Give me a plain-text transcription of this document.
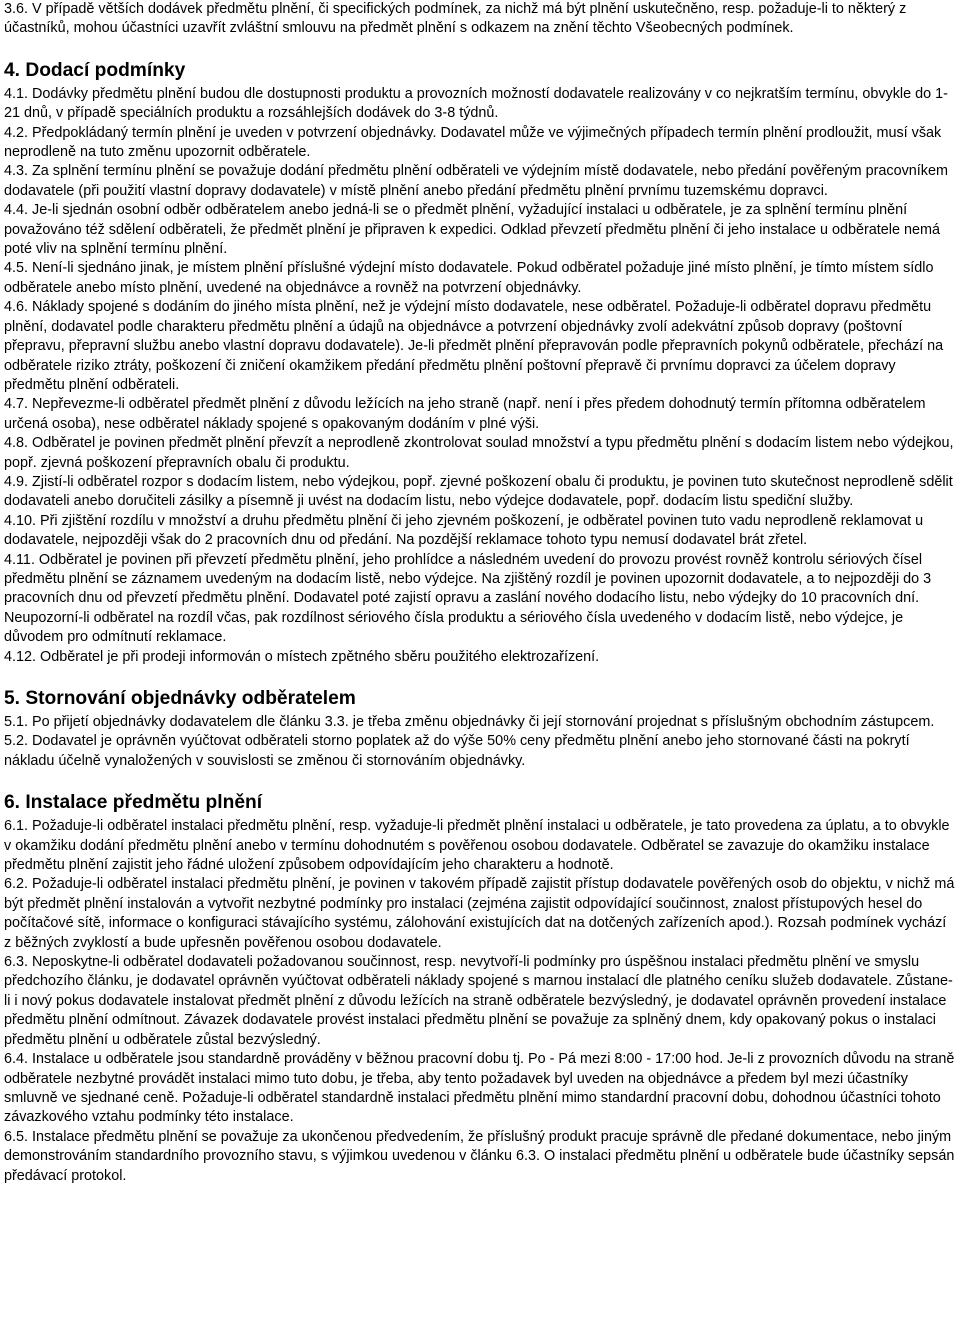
3.6. V případě větších dodávek předmětu plnění, či specifických podmínek, za nichž má být plnění uskutečněno, resp. požaduje-li to některý z účastníků, mohou účastníci uzavřít zvláštní smlouvu na předmět plnění s odkazem na znění těchto Všeobecných podmínek.

4. Dodací podmínky

4.1. Dodávky předmětu plnění budou dle dostupnosti produktu a provozních možností dodavatele realizovány v co nejkratším termínu, obvykle do 1-21 dnů, v případě speciálních produktu a rozsáhlejších dodávek do 3-8 týdnů.

4.2. Předpokládaný termín plnění je uveden v potvrzení objednávky. Dodavatel může ve výjimečných případech termín plnění prodloužit, musí však neprodleně na tuto změnu upozornit odběratele.

4.3. Za splnění termínu plnění se považuje dodání předmětu plnění odběrateli ve výdejním místě dodavatele, nebo předání pověřeným pracovníkem dodavatele (při použití vlastní dopravy dodavatele) v místě plnění anebo předání předmětu plnění prvnímu tuzemskému dopravci.

4.4. Je-li sjednán osobní odběr odběratelem anebo jedná-li se o předmět plnění, vyžadující instalaci u odběratele, je za splnění termínu plnění považováno též sdělení odběrateli, že předmět plnění je připraven k expedici. Odklad převzetí předmětu plnění či jeho instalace u odběratele nemá poté vliv na splnění termínu plnění.

4.5. Není-li sjednáno jinak, je místem plnění příslušné výdejní místo dodavatele. Pokud odběratel požaduje jiné místo plnění, je tímto místem sídlo odběratele anebo místo plnění, uvedené na objednávce a rovněž na potvrzení objednávky.

4.6. Náklady spojené s dodáním do jiného místa plnění, než je výdejní místo dodavatele, nese odběratel. Požaduje-li odběratel dopravu předmětu plnění, dodavatel podle charakteru předmětu plnění a údajů na objednávce a potvrzení objednávky zvolí adekvátní způsob dopravy (poštovní přepravu, přepravní službu anebo vlastní dopravu dodavatele). Je-li předmět plnění přepravován podle přepravních pokynů odběratele, přechází na odběratele riziko ztráty, poškození či zničení okamžikem předání předmětu plnění poštovní přepravě či prvnímu dopravci za účelem dopravy předmětu plnění odběrateli.

4.7. Nepřevezme-li odběratel předmět plnění z důvodu ležících na jeho straně (např. není i přes předem dohodnutý termín přítomna odběratelem určená osoba), nese odběratel náklady spojené s opakovaným dodáním v plné výši.

4.8. Odběratel je povinen předmět plnění převzít a neprodleně zkontrolovat soulad množství a typu předmětu plnění s dodacím listem nebo výdejkou, popř. zjevná poškození přepravních obalu či produktu.

4.9. Zjistí-li odběratel rozpor s dodacím listem, nebo výdejkou, popř. zjevné poškození obalu či produktu, je povinen tuto skutečnost neprodleně sdělit dodavateli anebo doručiteli zásilky a písemně ji uvést na dodacím listu, nebo výdejce dodavatele, popř. dodacím listu spediční služby.

4.10. Při zjištění rozdílu v množství a druhu předmětu plnění či jeho zjevném poškození, je odběratel povinen tuto vadu neprodleně reklamovat u dodavatele, nejpozději však do 2 pracovních dnu od předání. Na pozdější reklamace tohoto typu nemusí dodavatel brát zřetel.

4.11. Odběratel je povinen při převzetí předmětu plnění, jeho prohlídce a následném uvedení do provozu provést rovněž kontrolu sériových čísel předmětu plnění se záznamem uvedeným na dodacím listě, nebo výdejce. Na zjištěný rozdíl je povinen upozornit dodavatele, a to nejpozději do 3 pracovních dnu od převzetí předmětu plnění. Dodavatel poté zajistí opravu a zaslání nového dodacího listu, nebo výdejky do 10 pracovních dní. Neupozorní-li odběratel na rozdíl včas, pak rozdílnost sériového čísla produktu a sériového čísla uvedeného v dodacím listě, nebo výdejce, je důvodem pro odmítnutí reklamace.

4.12. Odběratel je při prodeji informován o místech zpětného sběru použitého elektrozařízení.

5. Stornování objednávky odběratelem

5.1. Po přijetí objednávky dodavatelem dle článku 3.3. je třeba změnu objednávky či její stornování projednat s příslušným obchodním zástupcem.

5.2. Dodavatel je oprávněn vyúčtovat odběrateli storno poplatek až do výše 50% ceny předmětu plnění anebo jeho stornované části na pokrytí nákladu účelně vynaložených v souvislosti se změnou či stornováním objednávky.

6. Instalace předmětu plnění

6.1. Požaduje-li odběratel instalaci předmětu plnění, resp. vyžaduje-li předmět plnění instalaci u odběratele, je tato provedena za úplatu, a to obvykle v okamžiku dodání předmětu plnění anebo v termínu dohodnutém s pověřenou osobou dodavatele. Odběratel se zavazuje do okamžiku instalace předmětu plnění zajistit jeho řádné uložení způsobem odpovídajícím jeho charakteru a hodnotě.

6.2. Požaduje-li odběratel instalaci předmětu plnění, je povinen v takovém případě zajistit přístup dodavatele pověřených osob do objektu, v nichž má být předmět plnění instalován a vytvořit nezbytné podmínky pro instalaci (zejména zajistit odpovídající součinnost, znalost přístupových hesel do počítačové sítě, informace o konfiguraci stávajícího systému, zálohování existujících dat na dotčených zařízeních apod.). Rozsah podmínek vychází z běžných zvyklostí a bude upřesněn pověřenou osobou dodavatele.

6.3. Neposkytne-li odběratel dodavateli požadovanou součinnost, resp. nevytvoří-li podmínky pro úspěšnou instalaci předmětu plnění ve smyslu předchozího článku, je dodavatel oprávněn vyúčtovat odběrateli náklady spojené s marnou instalací dle platného ceníku služeb dodavatele. Zůstane-li i nový pokus dodavatele instalovat předmět plnění z důvodu ležících na straně odběratele bezvýsledný, je dodavatel oprávněn provedení instalace předmětu plnění odmítnout. Závazek dodavatele provést instalaci předmětu plnění se považuje za splněný dnem, kdy opakovaný pokus o instalaci předmětu plnění u odběratele zůstal bezvýsledný.

6.4. Instalace u odběratele jsou standardně prováděny v běžnou pracovní dobu tj. Po - Pá mezi 8:00 - 17:00 hod. Je-li z provozních důvodu na straně odběratele nezbytné provádět instalaci mimo tuto dobu, je třeba, aby tento požadavek byl uveden na objednávce a předem byl mezi účastníky smluvně ve sjednané ceně. Požaduje-li odběratel standardně instalaci předmětu plnění mimo standardní pracovní dobu, dohodnou účastníci tohoto závazkového vztahu podmínky této instalace.

6.5. Instalace předmětu plnění se považuje za ukončenou předvedením, že příslušný produkt pracuje správně dle předané dokumentace, nebo jiným demonstrováním standardního provozního stavu, s výjimkou uvedenou v článku 6.3. O instalaci předmětu plnění u odběratele bude účastníky sepsán předávací protokol.
